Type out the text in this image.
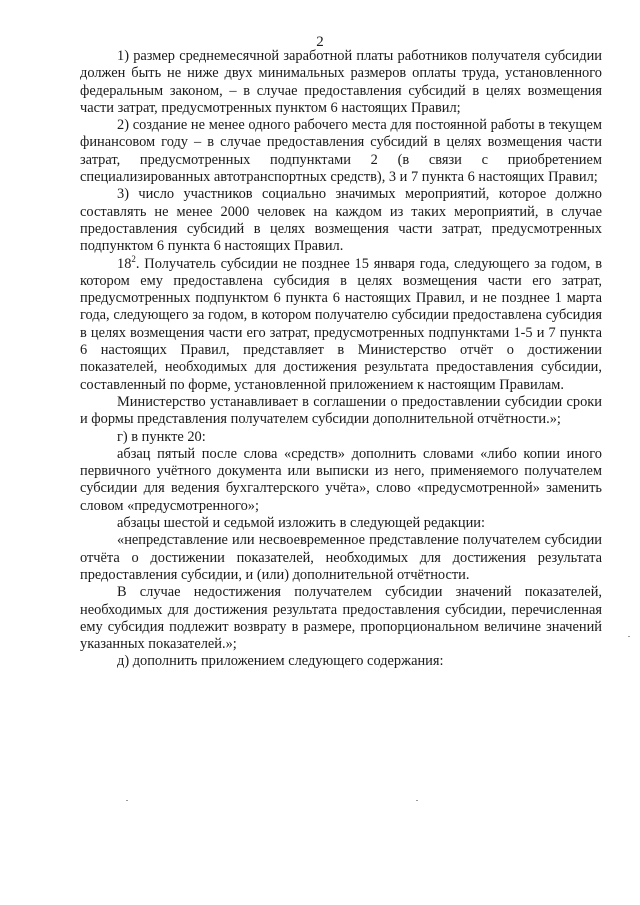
2

1) размер среднемесячной заработной платы работников получателя субсидии должен быть не ниже двух минимальных размеров оплаты труда, установленного федеральным законом, – в случае предоставления субсидий в целях возмещения части затрат, предусмотренных пунктом 6 настоящих Правил;

2) создание не менее одного рабочего места для постоянной работы в текущем финансовом году – в случае предоставления субсидий в целях возмещения части затрат, предусмотренных подпунктами 2 (в связи с приобретением специализированных автотранспортных средств), 3 и 7 пункта 6 настоящих Правил;

3) число участников социально значимых мероприятий, которое должно составлять не менее 2000 человек на каждом из таких мероприятий, в случае предоставления субсидий в целях возмещения части затрат, предусмотренных подпунктом 6 пункта 6 настоящих Правил.

$18^2$. Получатель субсидии не позднее 15 января года, следующего за годом, в котором ему предоставлена субсидия в целях возмещения части его затрат, предусмотренных подпунктом 6 пункта 6 настоящих Правил, и не позднее 1 марта года, следующего за годом, в котором получателю субсидии предоставлена субсидия в целях возмещения части его затрат, предусмотренных подпунктами 1-5 и 7 пункта 6 настоящих Правил, представляет в Министерство отчёт о достижении показателей, необходимых для достижения результата предоставления субсидии, составленный по форме, установленной приложением к настоящим Правилам.

Министерство устанавливает в соглашении о предоставлении субсидии сроки и формы представления получателем субсидии дополнительной отчётности.»;

г) в пункте 20:

абзац пятый после слова «средств» дополнить словами «либо копии иного первичного учётного документа или выписки из него, применяемого получателем субсидии для ведения бухгалтерского учёта», слово «предусмотренной» заменить словом «предусмотренного»;

абзацы шестой и седьмой изложить в следующей редакции:

«непредставление или несвоевременное представление получателем субсидии отчёта о достижении показателей, необходимых для достижения результата предоставления субсидии, и (или) дополнительной отчётности.

В случае недостижения получателем субсидии значений показателей, необходимых для достижения результата предоставления субсидии, перечисленная ему субсидия подлежит возврату в размере, пропорциональном величине значений указанных показателей.»;

д) дополнить приложением следующего содержания:
